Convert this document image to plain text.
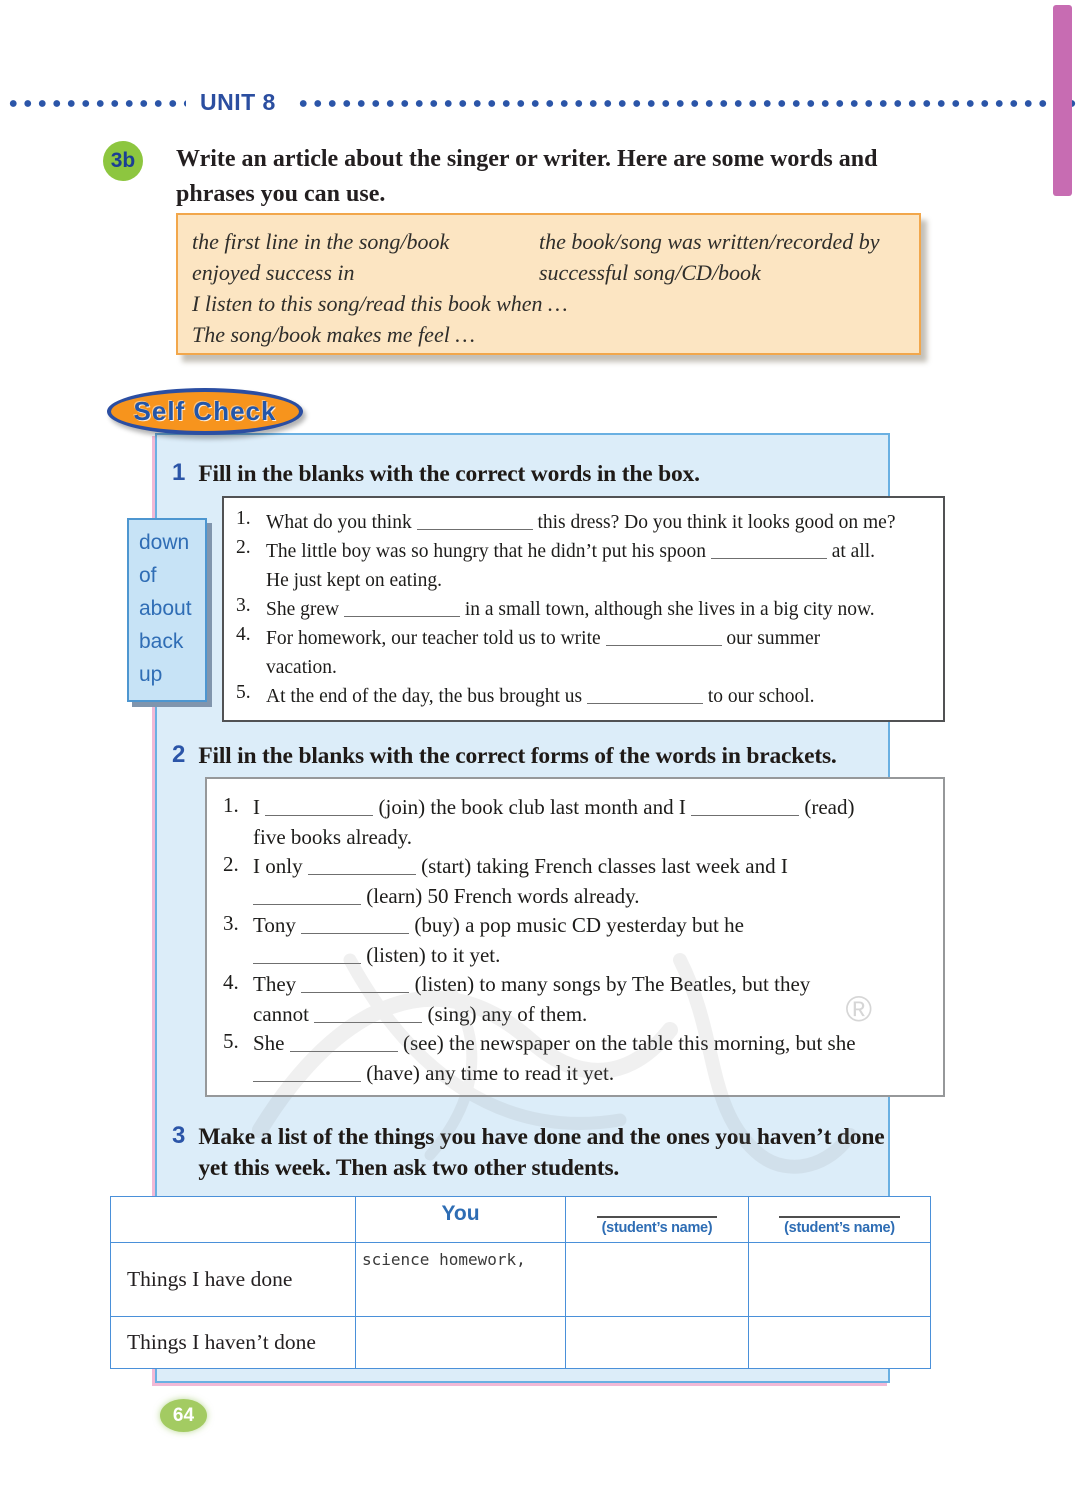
UNIT 8
3b	Write an article about the singer or writer. Here are some words and phrases you can use.
the first line in the song/book	the book/song was written/recorded by
enjoyed success in	successful song/CD/book
I listen to this song/read this book when …
The song/book makes me feel …
Self Check
1 Fill in the blanks with the correct words in the box.
down
of
about
back
up
1. What do you think	this dress? Do you think it looks good on me?
2. The little boy was so hungry that he didn’t put his spoon	at all.
He just kept on eating.
3. She grew	in a small town, although she lives in a big city now.
4. For homework, our teacher told us to write	our summer
vacation.
5. At the end of the day, the bus brought us	to our school.
2 Fill in the blanks with the correct forms of the words in brackets.
1. I	(join) the book club last month and I	(read)
five books already.
2. I only	(start) taking French classes last week and I
(learn) 50 French words already.
3. Tony	(buy) a pop music CD yesterday but he
(listen) to it yet.
4. They	(listen) to many songs by The Beatles, but they
cannot	(sing) any of them.
5. She	(see) the newspaper on the table this morning, but she
(have) any time to read it yet.
®
3 Make a list of the things you have done and the ones you haven’t done yet this week. Then ask two other students.
	You	(student’s name)	(student’s name)
Things I have done	science homework,		
Things I haven’t done			
64
